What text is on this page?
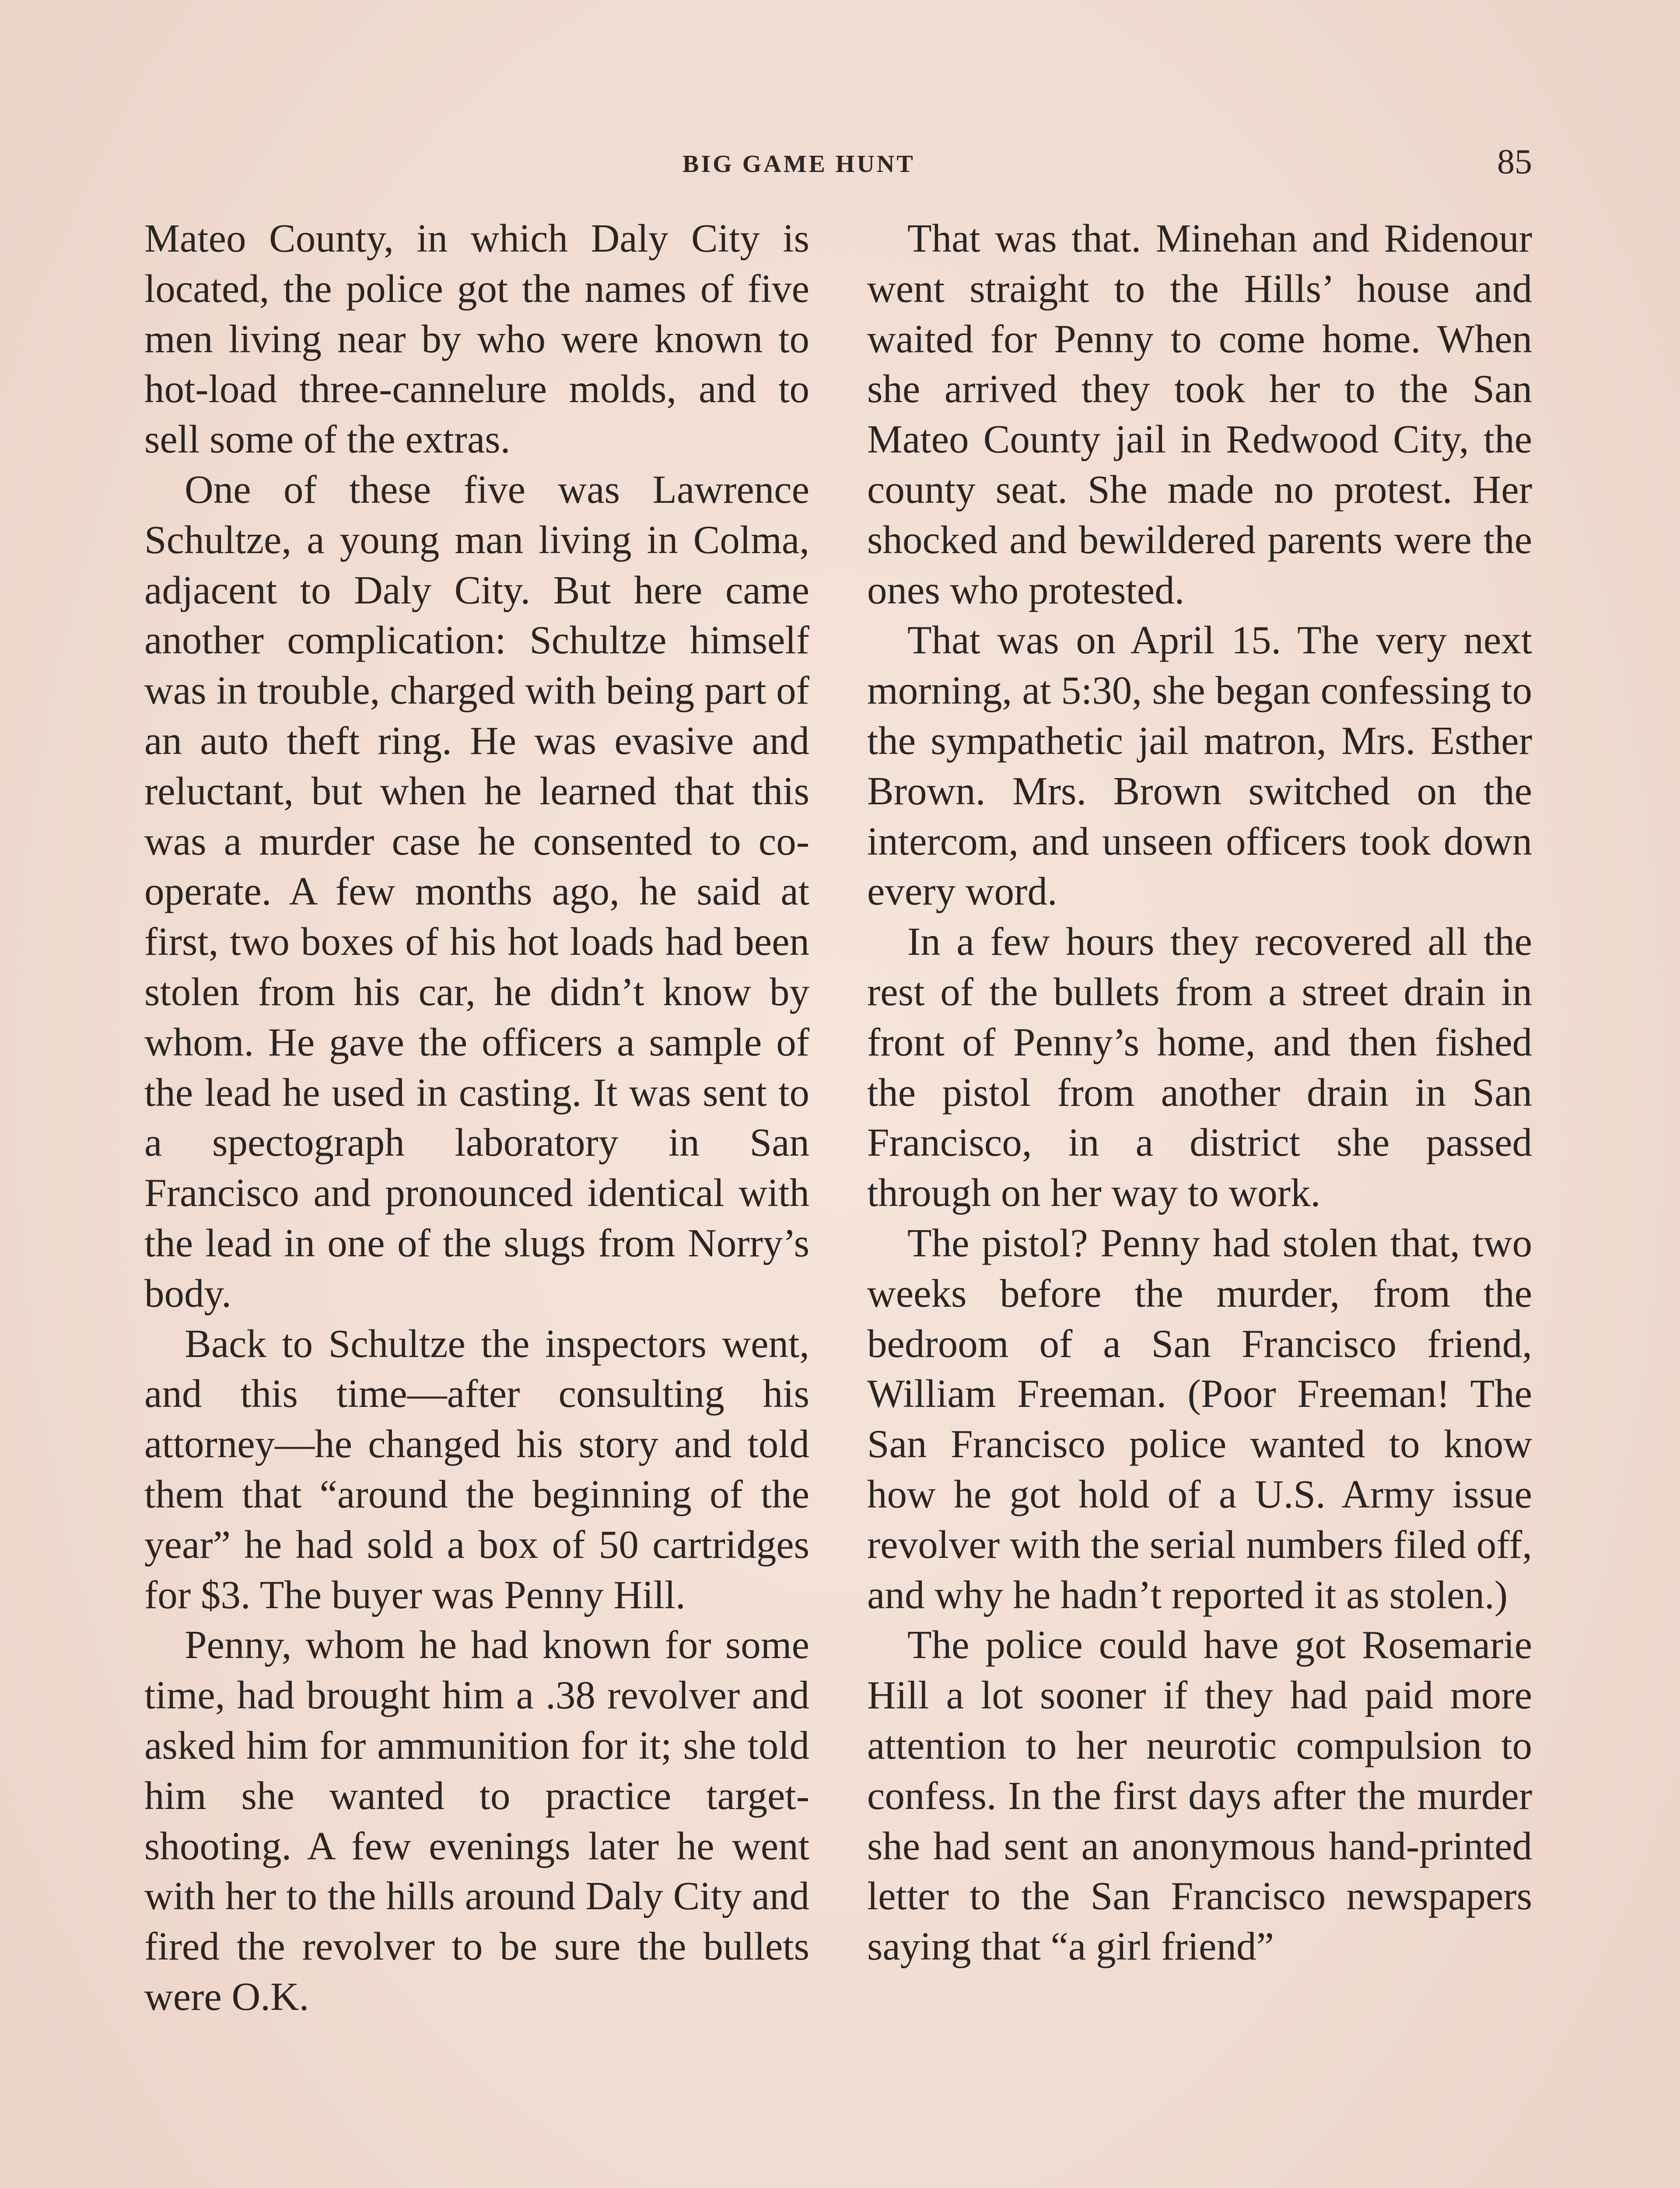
BIG GAME HUNT	85

Mateo County, in which Daly City is located, the police got the names of five men living near by who were known to hot-load three-cannelure molds, and to sell some of the extras.

One of these five was Lawrence Schultze, a young man living in Colma, adjacent to Daly City. But here came another complication: Schultze himself was in trouble, charged with being part of an auto theft ring. He was evasive and reluctant, but when he learned that this was a murder case he consented to co-operate. A few months ago, he said at first, two boxes of his hot loads had been stolen from his car, he didn’t know by whom. He gave the officers a sample of the lead he used in casting. It was sent to a spectograph laboratory in San Francisco and pronounced identical with the lead in one of the slugs from Norry’s body.

Back to Schultze the inspectors went, and this time—after consulting his attorney—he changed his story and told them that “around the beginning of the year” he had sold a box of 50 cartridges for $3. The buyer was Penny Hill.

Penny, whom he had known for some time, had brought him a .38 revolver and asked him for ammunition for it; she told him she wanted to practice target-shooting. A few evenings later he went with her to the hills around Daly City and fired the revolver to be sure the bullets were O.K.

That was that. Minehan and Ridenour went straight to the Hills’ house and waited for Penny to come home. When she arrived they took her to the San Mateo County jail in Redwood City, the county seat. She made no protest. Her shocked and bewildered parents were the ones who protested.

That was on April 15. The very next morning, at 5:30, she began confessing to the sympathetic jail matron, Mrs. Esther Brown. Mrs. Brown switched on the intercom, and unseen officers took down every word.

In a few hours they recovered all the rest of the bullets from a street drain in front of Penny’s home, and then fished the pistol from another drain in San Francisco, in a district she passed through on her way to work.

The pistol? Penny had stolen that, two weeks before the murder, from the bedroom of a San Francisco friend, William Freeman. (Poor Freeman! The San Francisco police wanted to know how he got hold of a U.S. Army issue revolver with the serial numbers filed off, and why he hadn’t reported it as stolen.)

The police could have got Rosemarie Hill a lot sooner if they had paid more attention to her neurotic compulsion to confess. In the first days after the murder she had sent an anonymous hand-printed letter to the San Francisco newspapers saying that “a girl friend”
